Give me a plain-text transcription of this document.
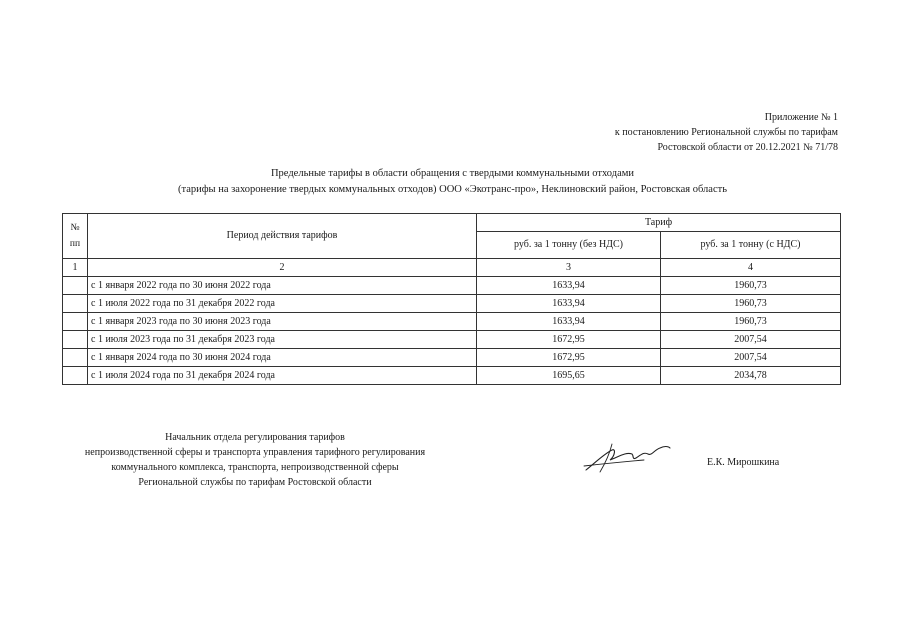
Приложение № 1
к постановлению Региональной службы по тарифам
Ростовской области от 20.12.2021 № 71/78
Предельные тарифы в области обращения с твердыми коммунальными отходами
(тарифы на захоронение твердых коммунальных отходов) ООО «Экотранс-про», Неклиновский район, Ростовская область
№
пп	Период действия тарифов	Тариф	
		руб. за 1 тонну (без НДС)	руб. за 1 тонну (с НДС)
1	2	3	4
	с 1 января 2022 года по 30 июня 2022 года	1633,94	1960,73
	с 1 июля 2022 года по 31 декабря 2022 года	1633,94	1960,73
	с 1 января 2023 года по 30 июня 2023 года	1633,94	1960,73
	с 1 июля 2023 года по 31 декабря 2023 года	1672,95	2007,54
	с 1 января 2024 года по 30 июня 2024 года	1672,95	2007,54
	с 1 июля 2024 года по 31 декабря 2024 года	1695,65	2034,78
Начальник отдела регулирования тарифов
непроизводственной сферы и транспорта управления тарифного регулирования
коммунального комплекса, транспорта, непроизводственной сферы
Региональной службы по тарифам Ростовской области
Е.К. Мирошкина
